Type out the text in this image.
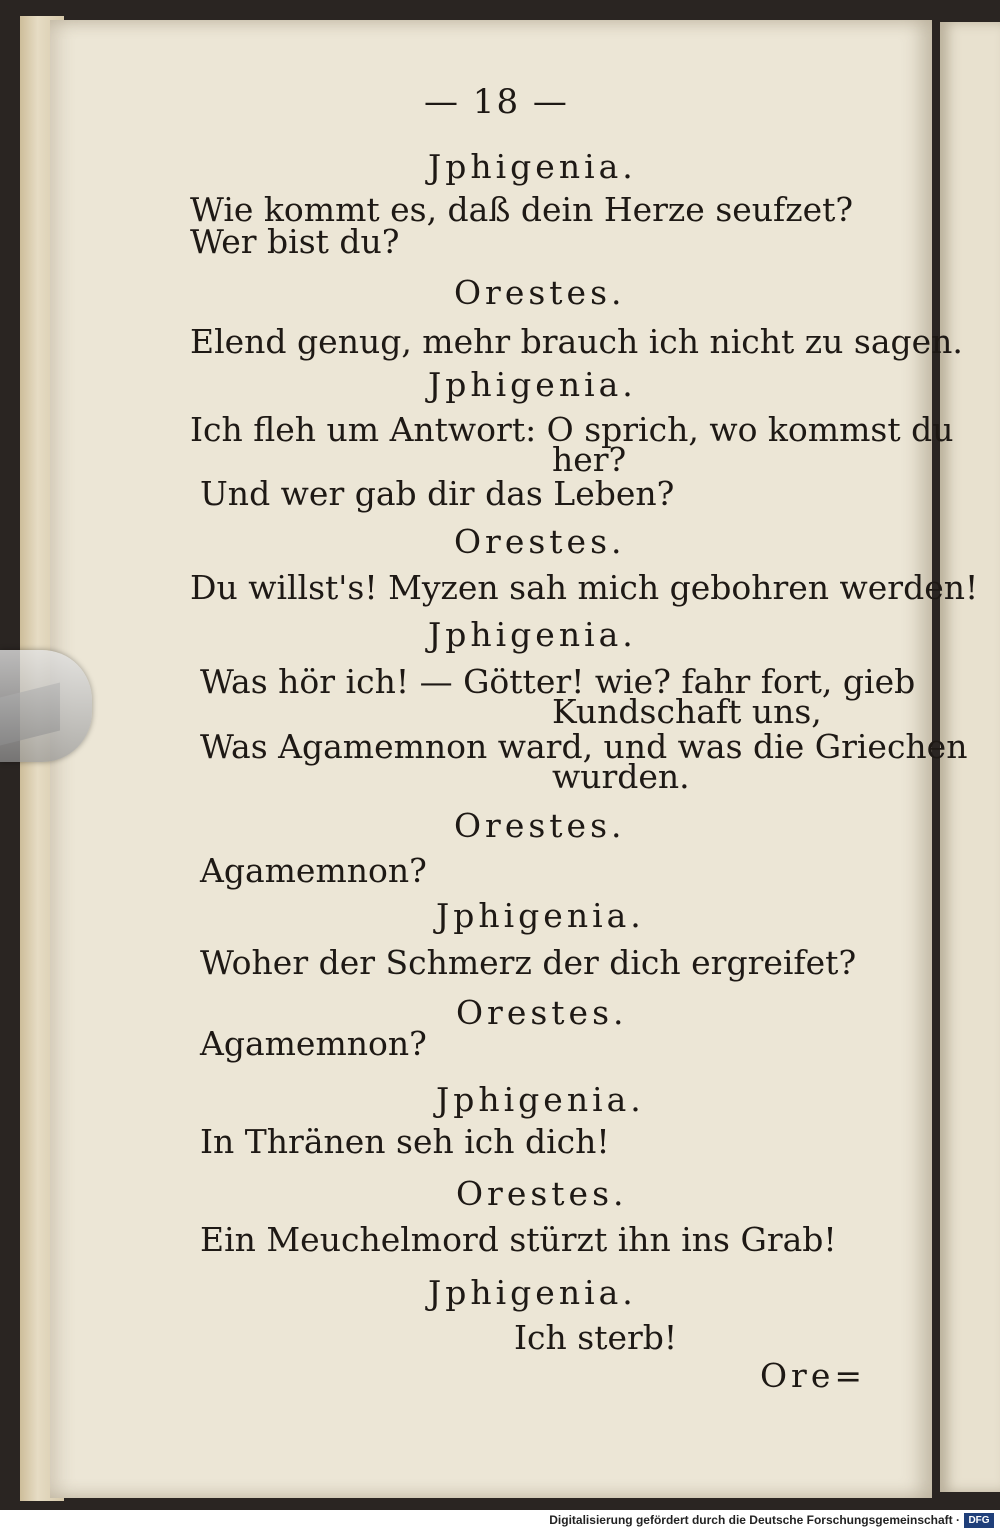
— 18 —
Jphigenia.
Wie kommt es, daß dein Herze seufzet?
Wer bist du?
Orestes.
Elend genug, mehr brauch ich nicht zu sagen.
Jphigenia.
Ich fleh um Antwort: O sprich, wo kommst du
her?
Und wer gab dir das Leben?
Orestes.
Du willst's! Myzen sah mich gebohren werden!
Jphigenia.
Was hör ich! — Götter! wie? fahr fort, gieb
Kundschaft uns,
Was Agamemnon ward, und was die Griechen
wurden.
Orestes.
Agamemnon?
Jphigenia.
Woher der Schmerz der dich ergreifet?
Orestes.
Agamemnon?
Jphigenia.
In Thränen seh ich dich!
Orestes.
Ein Meuchelmord stürzt ihn ins Grab!
Jphigenia.
Ich sterb!
Ore=
Digitalisierung gefördert durch die Deutsche Forschungsgemeinschaft · DFG
